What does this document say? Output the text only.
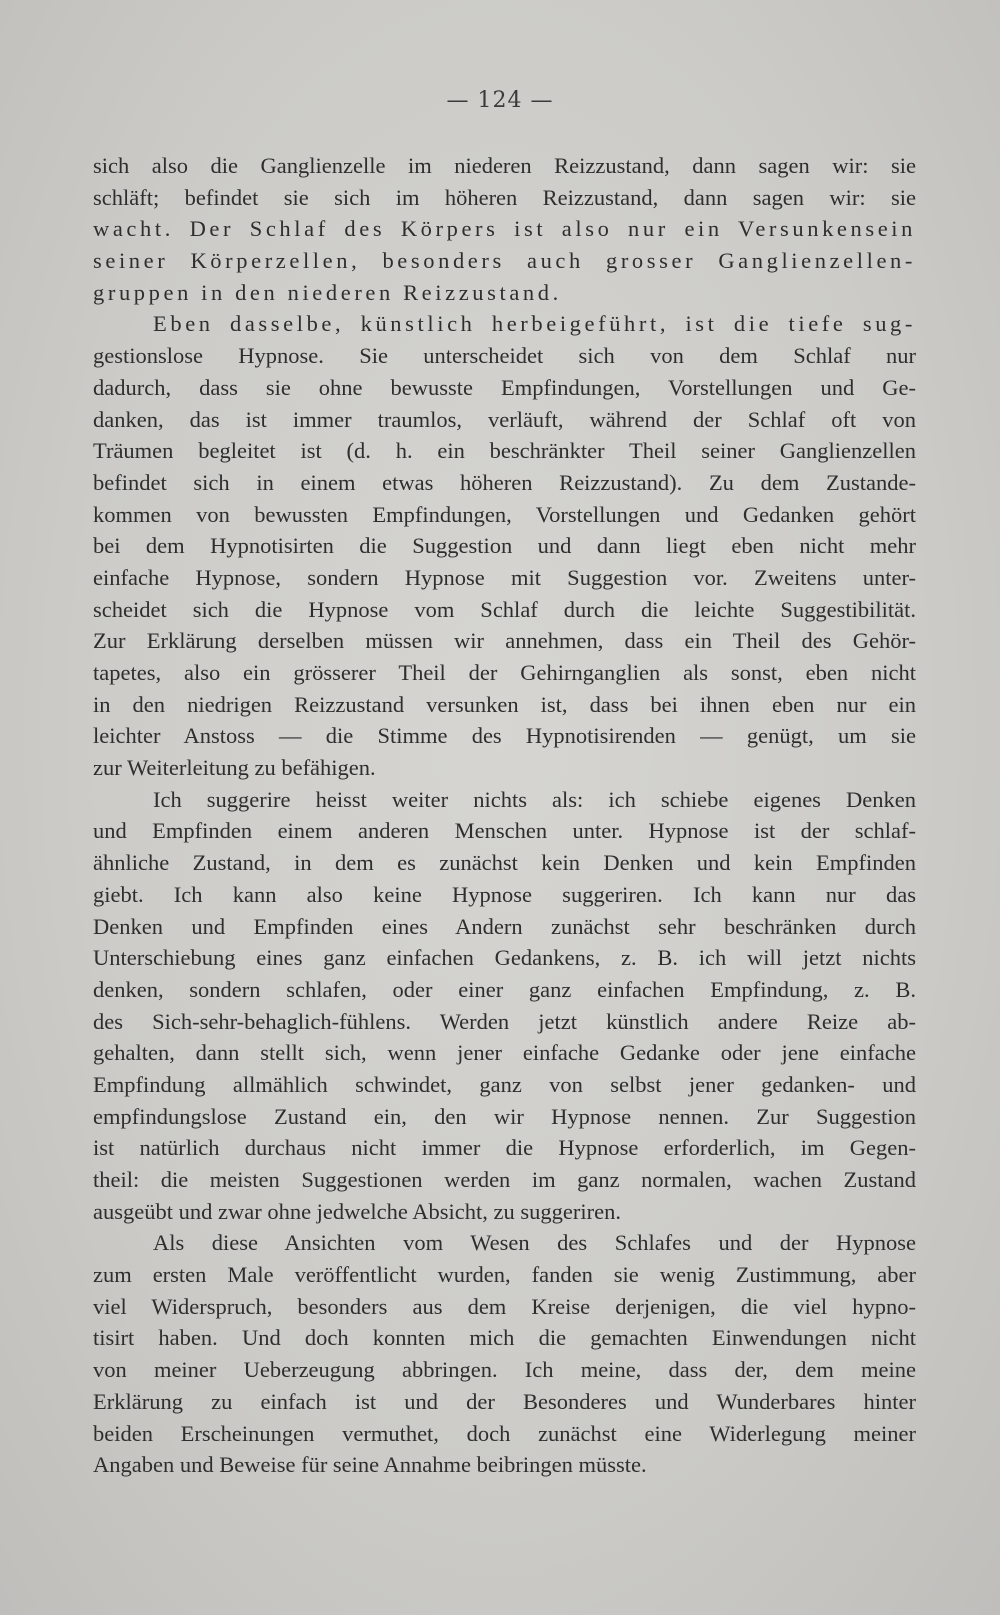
— 124 —
sich also die Ganglienzelle im niederen Reizzustand, dann sagen wir: sie
schläft; befindet sie sich im höheren Reizzustand, dann sagen wir: sie
wacht. Der Schlaf des Körpers ist also nur ein Versunkensein
seiner Körperzellen, besonders auch grosser Ganglienzellen-
gruppen in den niederen Reizzustand.
Eben dasselbe, künstlich herbeigeführt, ist die tiefe sug-
gestionslose Hypnose. Sie unterscheidet sich von dem Schlaf nur
dadurch, dass sie ohne bewusste Empfindungen, Vorstellungen und Ge-
danken, das ist immer traumlos, verläuft, während der Schlaf oft von
Träumen begleitet ist (d. h. ein beschränkter Theil seiner Ganglienzellen
befindet sich in einem etwas höheren Reizzustand). Zu dem Zustande-
kommen von bewussten Empfindungen, Vorstellungen und Gedanken gehört
bei dem Hypnotisirten die Suggestion und dann liegt eben nicht mehr
einfache Hypnose, sondern Hypnose mit Suggestion vor. Zweitens unter-
scheidet sich die Hypnose vom Schlaf durch die leichte Suggestibilität.
Zur Erklärung derselben müssen wir annehmen, dass ein Theil des Gehör-
tapetes, also ein grösserer Theil der Gehirnganglien als sonst, eben nicht
in den niedrigen Reizzustand versunken ist, dass bei ihnen eben nur ein
leichter Anstoss — die Stimme des Hypnotisirenden — genügt, um sie
zur Weiterleitung zu befähigen.
Ich suggerire heisst weiter nichts als: ich schiebe eigenes Denken
und Empfinden einem anderen Menschen unter. Hypnose ist der schlaf-
ähnliche Zustand, in dem es zunächst kein Denken und kein Empfinden
giebt. Ich kann also keine Hypnose suggeriren. Ich kann nur das
Denken und Empfinden eines Andern zunächst sehr beschränken durch
Unterschiebung eines ganz einfachen Gedankens, z. B. ich will jetzt nichts
denken, sondern schlafen, oder einer ganz einfachen Empfindung, z. B.
des Sich-sehr-behaglich-fühlens. Werden jetzt künstlich andere Reize ab-
gehalten, dann stellt sich, wenn jener einfache Gedanke oder jene einfache
Empfindung allmählich schwindet, ganz von selbst jener gedanken- und
empfindungslose Zustand ein, den wir Hypnose nennen. Zur Suggestion
ist natürlich durchaus nicht immer die Hypnose erforderlich, im Gegen-
theil: die meisten Suggestionen werden im ganz normalen, wachen Zustand
ausgeübt und zwar ohne jedwelche Absicht, zu suggeriren.
Als diese Ansichten vom Wesen des Schlafes und der Hypnose
zum ersten Male veröffentlicht wurden, fanden sie wenig Zustimmung, aber
viel Widerspruch, besonders aus dem Kreise derjenigen, die viel hypno-
tisirt haben. Und doch konnten mich die gemachten Einwendungen nicht
von meiner Ueberzeugung abbringen. Ich meine, dass der, dem meine
Erklärung zu einfach ist und der Besonderes und Wunderbares hinter
beiden Erscheinungen vermuthet, doch zunächst eine Widerlegung meiner
Angaben und Beweise für seine Annahme beibringen müsste.
